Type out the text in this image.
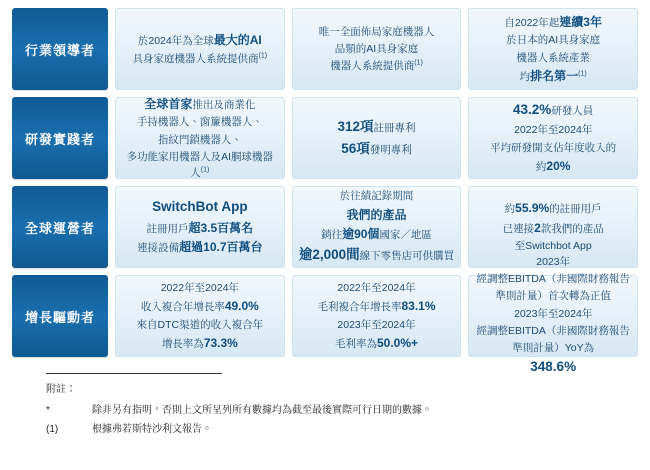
行業領導者

於2024年為全球最大的AI

具身家庭機器人系統提供商$^{(1)}$

唯一全面佈局家庭機器人

品類的AI具身家庭

機器人系統提供商$^{(1)}$

自2022年起連續3年

於日本的AI具身家庭

機器人系統產業

均排名第一$^{(1)}$

研發實踐者

全球首家推出及商業化

手持機器人、窗簾機器人、

指紋門鎖機器人、

多功能家用機器人及AI胴球機器人$^{(1)}$

312項註冊專利

56項發明專利

43.2%研發人員

2022年至2024年

平均研發開支佔年度收入的

約20%

全球運營者

SwitchBot App

註冊用戶超3.5百萬名

連接設備超過10.7百萬台

於往績記錄期間

我們的產品

銷往逾90個國家／地區

逾2,000間線下零售店可供購買

約55.9%的註冊用戶

已連接2款我們的產品

至Switchbot App

增長驅動者

2022年至2024年

收入複合年增長率49.0%

來自DTC渠道的收入複合年

增長率為73.3%

2022年至2024年

毛利複合年增長率83.1%

2023年至2024年

毛利率為50.0%+

2023年

經調整EBITDA（非國際財務報告

準則計量）首次轉為正值

2023年至2024年

經調整EBITDA（非國際財務報告

準則計量）YoY為

348.6%

附註：

*	除非另有指明，否則上文所呈列所有數據均為截至最後實際可行日期的數據。
(1)	根據弗若斯特沙利文報告。
